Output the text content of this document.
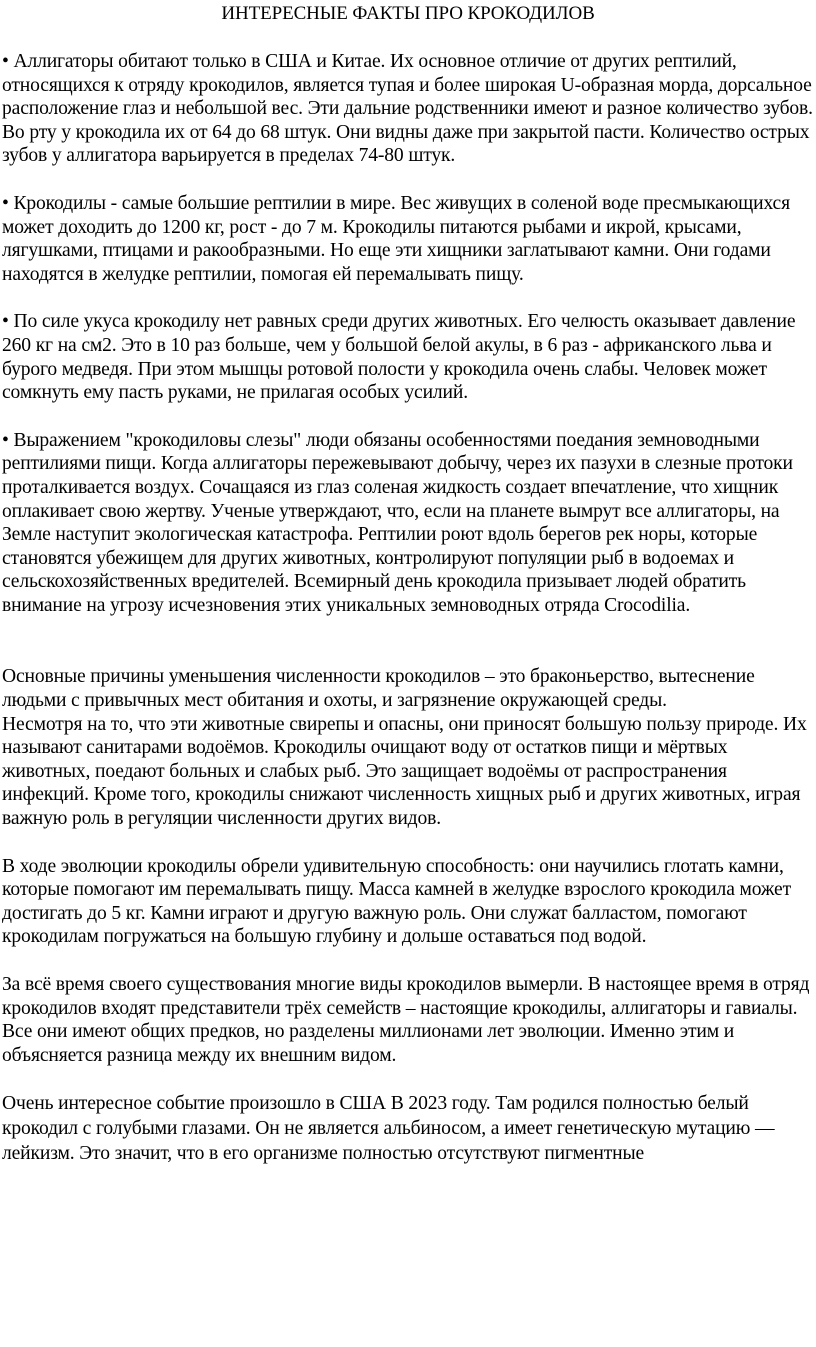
ИНТЕРЕСНЫЕ ФАКТЫ ПРО КРОКОДИЛОВ

• Аллигаторы обитают только в США и Китае. Их основное отличие от других рептилий, относящихся к отряду крокодилов, является тупая и более широкая U-образная морда, дорсальное расположение глаз и небольшой вес. Эти дальние родственники имеют и разное количество зубов. Во рту у крокодила их от 64 до 68 штук. Они видны даже при закрытой пасти. Количество острых зубов у аллигатора варьируется в пределах 74-80 штук.

• Крокодилы - самые большие рептилии в мире. Вес живущих в соленой воде пресмыкающихся может доходить до 1200 кг, рост - до 7 м. Крокодилы питаются рыбами и икрой, крысами, лягушками, птицами и ракообразными. Но еще эти хищники заглатывают камни. Они годами находятся в желудке рептилии, помогая ей перемалывать пищу.

• По силе укуса крокодилу нет равных среди других животных. Его челюсть оказывает давление 260 кг на см2. Это в 10 раз больше, чем у большой белой акулы, в 6 раз - африканского льва и бурого медведя. При этом мышцы ротовой полости у крокодила очень слабы. Человек может сомкнуть ему пасть руками, не прилагая особых усилий.

• Выражением "крокодиловы слезы" люди обязаны особенностями поедания земноводными рептилиями пищи. Когда аллигаторы пережевывают добычу, через их пазухи в слезные протоки проталкивается воздух. Сочащаяся из глаз соленая жидкость создает впечатление, что хищник оплакивает свою жертву. Ученые утверждают, что, если на планете вымрут все аллигаторы, на Земле наступит экологическая катастрофа. Рептилии роют вдоль берегов рек норы, которые становятся убежищем для других животных, контролируют популяции рыб в водоемах и сельскохозяйственных вредителей. Всемирный день крокодила призывает людей обратить внимание на угрозу исчезновения этих уникальных земноводных отряда Crocodilia.

Основные причины уменьшения численности крокодилов – это браконьерство, вытеснение людьми с привычных мест обитания и охоты, и загрязнение окружающей среды.

Несмотря на то, что эти животные свирепы и опасны, они приносят большую пользу природе. Их называют санитарами водоёмов. Крокодилы очищают воду от остатков пищи и мёртвых животных, поедают больных и слабых рыб. Это защищает водоёмы от распространения инфекций. Кроме того, крокодилы снижают численность хищных рыб и других животных, играя важную роль в регуляции численности других видов.

В ходе эволюции крокодилы обрели удивительную способность: они научились глотать камни, которые помогают им перемалывать пищу. Масса камней в желудке взрослого крокодила может достигать до 5 кг. Камни играют и другую важную роль. Они служат балластом, помогают крокодилам погружаться на большую глубину и дольше оставаться под водой.

За всё время своего существования многие виды крокодилов вымерли. В настоящее время в отряд крокодилов входят представители трёх семейств – настоящие крокодилы, аллигаторы и гавиалы. Все они имеют общих предков, но разделены миллионами лет эволюции. Именно этим и объясняется разница между их внешним видом.

Очень интересное событие произошло в США В 2023 году. Там родился полностью белый крокодил с голубыми глазами. Он не является альбиносом, а имеет генетическую мутацию — лейкизм. Это значит, что в его организме полностью отсутствуют пигментные
